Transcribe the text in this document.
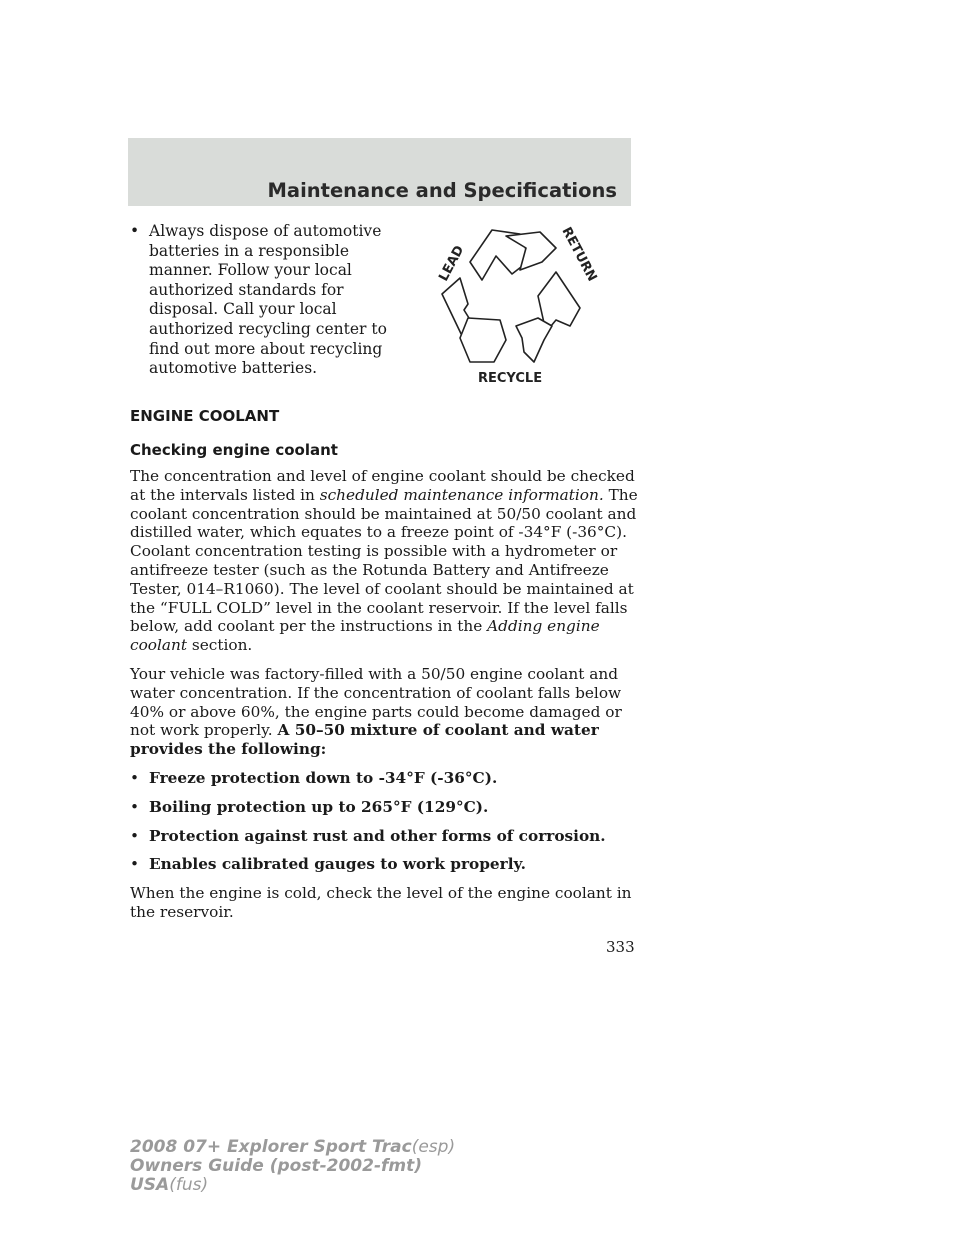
Maintenance and Specifications
• Always dispose of automotive batteries in a responsible manner. Follow your local authorized standards for disposal. Call your local authorized recycling center to find out more about recycling automotive batteries.
LEAD	RETURN
RECYCLE
ENGINE COOLANT
Checking engine coolant

The concentration and level of engine coolant should be checked at the intervals listed in scheduled maintenance information. The coolant concentration should be maintained at 50/50 coolant and distilled water, which equates to a freeze point of -34°F (-36°C). Coolant concentration testing is possible with a hydrometer or antifreeze tester (such as the Rotunda Battery and Antifreeze Tester, 014–R1060). The level of coolant should be maintained at the “FULL COLD” level in the coolant reservoir. If the level falls below, add coolant per the instructions in the Adding engine coolant section.

Your vehicle was factory-filled with a 50/50 engine coolant and water concentration. If the concentration of coolant falls below 40% or above 60%, the engine parts could become damaged or not work properly. A 50–50 mixture of coolant and water provides the following:

• Freeze protection down to -34°F (-36°C).
• Boiling protection up to 265°F (129°C).
• Protection against rust and other forms of corrosion.
• Enables calibrated gauges to work properly.

When the engine is cold, check the level of the engine coolant in the reservoir.

333
2008 07+ Explorer Sport Trac(esp)
Owners Guide (post-2002-fmt)
USA(fus)
